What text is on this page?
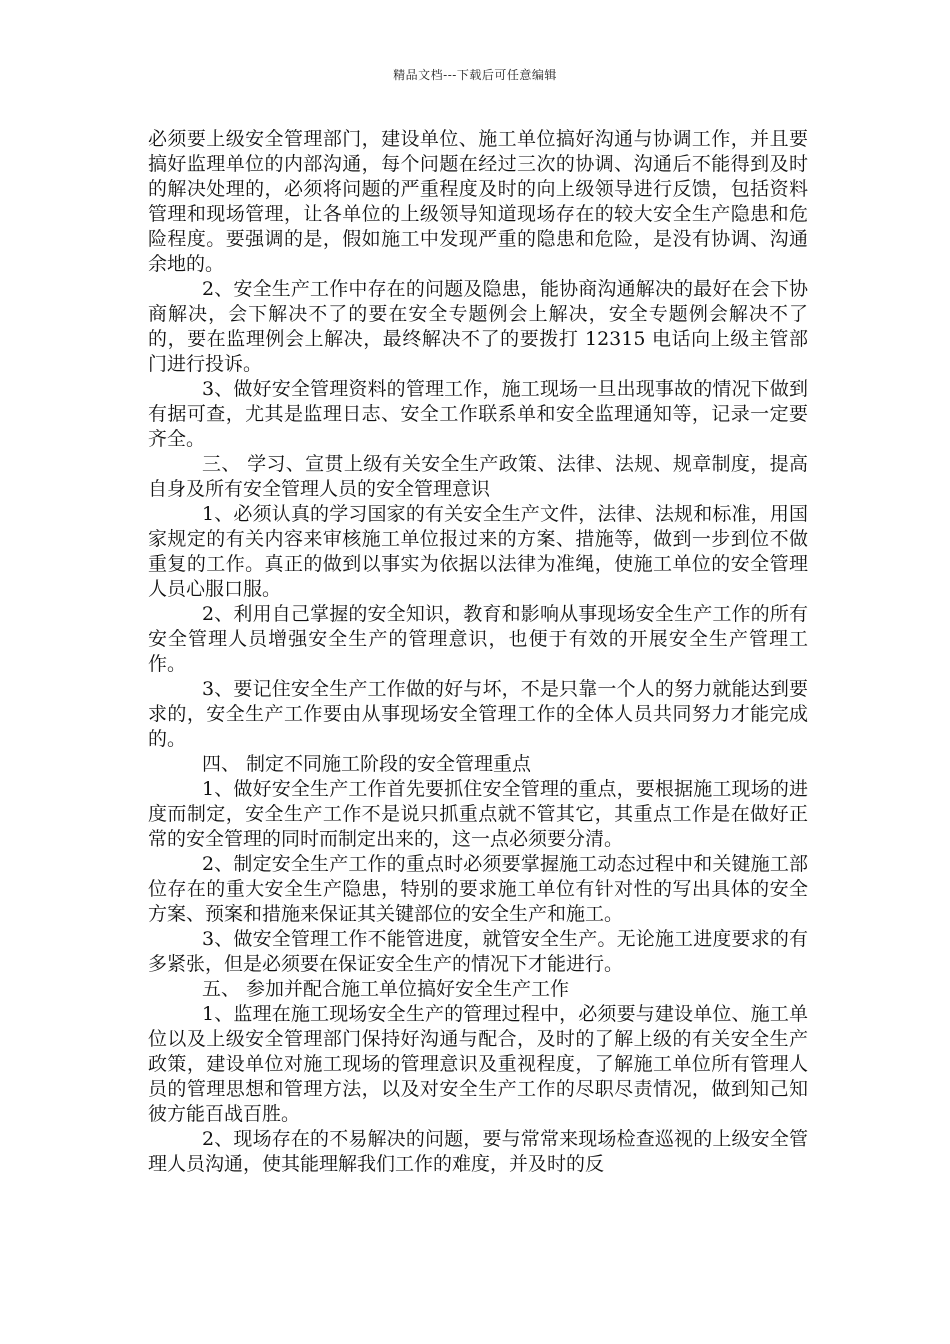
精品文档---下载后可任意编辑

必须要上级安全管理部门，建设单位、施工单位搞好沟通与协调工作，并且要搞好监理单位的内部沟通，每个问题在经过三次的协调、沟通后不能得到及时的解决处理的，必须将问题的严重程度及时的向上级领导进行反馈，包括资料管理和现场管理，让各单位的上级领导知道现场存在的较大安全生产隐患和危险程度。要强调的是，假如施工中发现严重的隐患和危险，是没有协调、沟通余地的。

2、安全生产工作中存在的问题及隐患，能协商沟通解决的最好在会下协商解决，会下解决不了的要在安全专题例会上解决，安全专题例会解决不了的，要在监理例会上解决，最终解决不了的要拨打 12315 电话向上级主管部门进行投诉。

3、做好安全管理资料的管理工作，施工现场一旦出现事故的情况下做到有据可查，尤其是监理日志、安全工作联系单和安全监理通知等，记录一定要齐全。

三、 学习、宣贯上级有关安全生产政策、法律、法规、规章制度，提高自身及所有安全管理人员的安全管理意识

1、必须认真的学习国家的有关安全生产文件，法律、法规和标准，用国家规定的有关内容来审核施工单位报过来的方案、措施等，做到一步到位不做重复的工作。真正的做到以事实为依据以法律为准绳，使施工单位的安全管理人员心服口服。

2、利用自己掌握的安全知识，教育和影响从事现场安全生产工作的所有安全管理人员增强安全生产的管理意识，也便于有效的开展安全生产管理工作。

3、要记住安全生产工作做的好与坏，不是只靠一个人的努力就能达到要求的，安全生产工作要由从事现场安全管理工作的全体人员共同努力才能完成的。

四、 制定不同施工阶段的安全管理重点

1、做好安全生产工作首先要抓住安全管理的重点，要根据施工现场的进度而制定，安全生产工作不是说只抓重点就不管其它，其重点工作是在做好正常的安全管理的同时而制定出来的，这一点必须要分清。

2、制定安全生产工作的重点时必须要掌握施工动态过程中和关键施工部位存在的重大安全生产隐患，特别的要求施工单位有针对性的写出具体的安全方案、预案和措施来保证其关键部位的安全生产和施工。

3、做安全管理工作不能管进度，就管安全生产。无论施工进度要求的有多紧张，但是必须要在保证安全生产的情况下才能进行。

五、 参加并配合施工单位搞好安全生产工作

1、监理在施工现场安全生产的管理过程中，必须要与建设单位、施工单位以及上级安全管理部门保持好沟通与配合，及时的了解上级的有关安全生产政策，建设单位对施工现场的管理意识及重视程度，了解施工单位所有管理人员的管理思想和管理方法，以及对安全生产工作的尽职尽责情况，做到知己知彼方能百战百胜。

2、现场存在的不易解决的问题，要与常常来现场检查巡视的上级安全管理人员沟通，使其能理解我们工作的难度，并及时的反
